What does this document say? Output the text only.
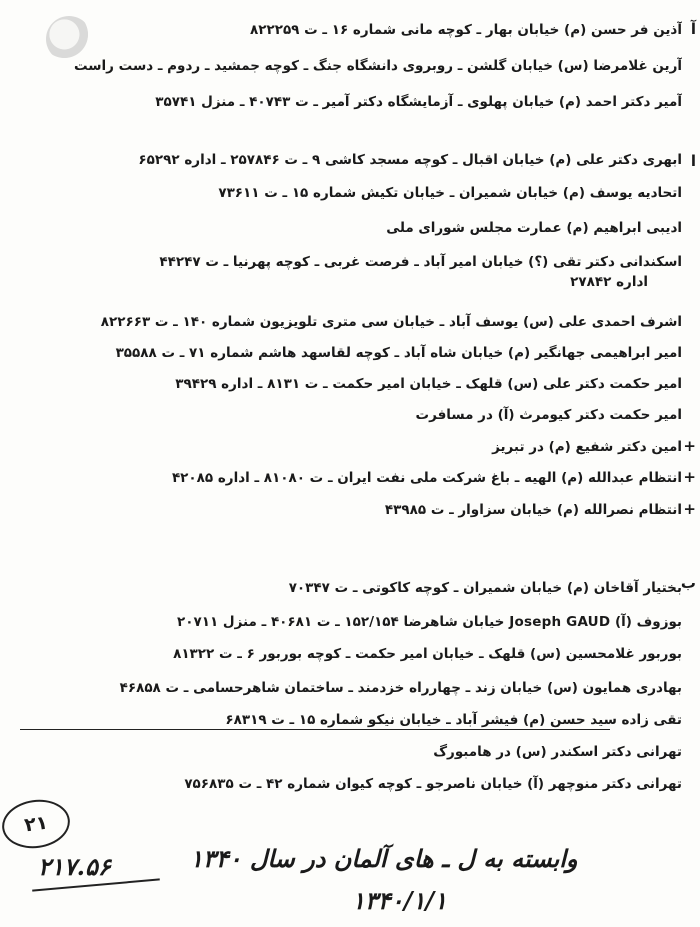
آ
آذین فر حسن (م) خیابان بهار ـ کوچه مانی شماره ۱۶ ـ ت ۸۲۲۲۵۹
آرین غلامرضا (س) خیابان گلشن ـ روبروی دانشگاه جنگ ـ کوچه جمشید ـ ردوم ـ دست راست
آمیر دکتر احمد (م) خیابان پهلوی ـ آزمایشگاه دکتر آمیر ـ ت ۴۰۷۴۳ ـ منزل ۳۵۷۴۱
ا
ابهری دکتر علی (م) خیابان اقبال ـ کوچه مسجد کاشی ۹ ـ ت ۲۵۷۸۴۶ ـ اداره ۶۵۲۹۲
اتحادیه یوسف (م) خیابان شمیران ـ خیابان تکیش شماره ۱۵ ـ ت ۷۳۶۱۱
ادیبی ابراهیم (م) عمارت مجلس شورای ملی
اسکندانی دکتر تقی (؟) خیابان امیر آباد ـ فرصت غربی ـ کوچه پهرنیا ـ ت ۴۴۲۴۷
اداره ۲۷۸۴۲
اشرف احمدی علی (س) یوسف آباد ـ خیابان سی متری تلویزیون شماره ۱۴۰ ـ ت ۸۲۲۶۶۳
امیر ابراهیمی جهانگیر (م) خیابان شاه آباد ـ کوچه لقاسهد هاشم شماره ۷۱ ـ ت ۳۵۵۸۸
امیر حکمت دکتر علی (س) قلهک ـ خیابان امیر حکمت ـ ت ۸۱۳۱ ـ اداره ۳۹۴۲۹
امیر حکمت دکتر کیومرث (آ) در مسافرت
امین دکتر شفیع (م) در تبریز
انتظام عبدالله (م) الهیه ـ باغ شرکت ملی نفت ایران ـ ت ۸۱۰۸۰ ـ اداره ۴۲۰۸۵
انتظام نصرالله (م) خیابان سزاوار ـ ت ۴۳۹۸۵
+
+
+
ب
بختیار آقاخان (م) خیابان شمیران ـ کوچه کاکوتی ـ ت ۷۰۳۴۷
بوزوف (آ) Joseph GAUD خیابان شاهرضا ۱۵۲/۱۵۴ ـ ت ۴۰۶۸۱ ـ منزل ۲۰۷۱۱
بوربور غلامحسین (س) قلهک ـ خیابان امیر حکمت ـ کوچه بوربور ۶ ـ ت ۸۱۳۲۲
بهادری همایون (س) خیابان زند ـ چهارراه خزدمند ـ ساختمان شاهرحسامی ـ ت ۴۶۸۵۸
تقی زاده سید حسن (م) فیشر آباد ـ خیابان نیکو شماره ۱۵ ـ ت ۶۸۳۱۹
تهرانی دکتر اسکندر (س) در هامبورگ
تهرانی دکتر منوچهر (آ) خیابان ناصرجو ـ کوچه کیوان شماره ۴۲ ـ ت ۷۵۶۸۳۵
۲۱
۲۱۷.۵۶	وابسته به ل ـ های آلمان در سال ۱۳۴۰
۱۳۴۰/۱/۱
